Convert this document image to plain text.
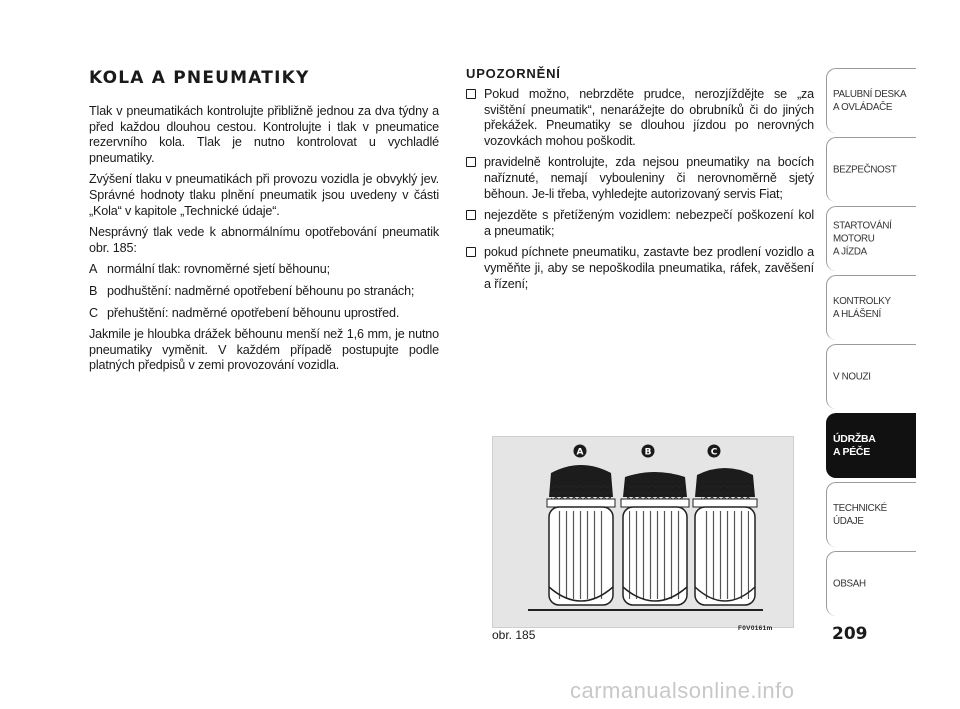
KOLA A PNEUMATIKY

Tlak v pneumatikách kontrolujte přibližně jednou za dva týdny a před každou dlouhou cestou. Kontrolujte i tlak v pneumatice rezervního kola. Tlak je nutno kontrolovat u vychladlé pneumatiky.

Zvýšení tlaku v pneumatikách při provozu vozidla je obvyklý jev. Správné hodnoty tlaku plnění pneumatik jsou uvedeny v části „Kola“ v kapitole „Technické údaje“.

Nesprávný tlak vede k abnormálnímu opotřebování pneumatik obr. 185:

A normální tlak: rovnoměrné sjetí běhounu;
B podhuštění: nadměrné opotřebení běhounu po stranách;
C přehuštění: nadměrné opotřebení běhounu uprostřed.

Jakmile je hloubka drážek běhounu menší než 1,6 mm, je nutno pneumatiky vyměnit. V každém případě postupujte podle platných předpisů v zemi provozování vozidla.

UPOZORNĚNÍ
Pokud možno, nebrzděte prudce, nerozjíždějte se „za svištění pneumatik“, nenarážejte do obrubníků či do jiných překážek. Pneumatiky se dlouhou jízdou po nerovných vozovkách mohou poškodit.
pravidelně kontrolujte, zda nejsou pneumatiky na bocích naříznuté, nemají vybouleniny či nerovnoměrně sjetý běhoun. Je-li třeba, vyhledejte autorizovaný servis Fiat;
nejezděte s přetíženým vozidlem: nebezpečí poškození kol a pneumatik;
pokud píchnete pneumatiku, zastavte bez prodlení vozidlo a vyměňte ji, aby se nepoškodila pneumatika, ráfek, zavěšení a řízení;
A	B	C
obr. 185	F0V0161m
PALUBNÍ DESKA
A OVLÁDAČE
BEZPEČNOST
STARTOVÁNÍ
MOTORU
A JÍZDA
KONTROLKY
A HLÁŠENÍ
V NOUZI
ÚDRŽBA
A PÉČE
TECHNICKÉ
ÚDAJE
OBSAH
209
carmanualsonline.info
